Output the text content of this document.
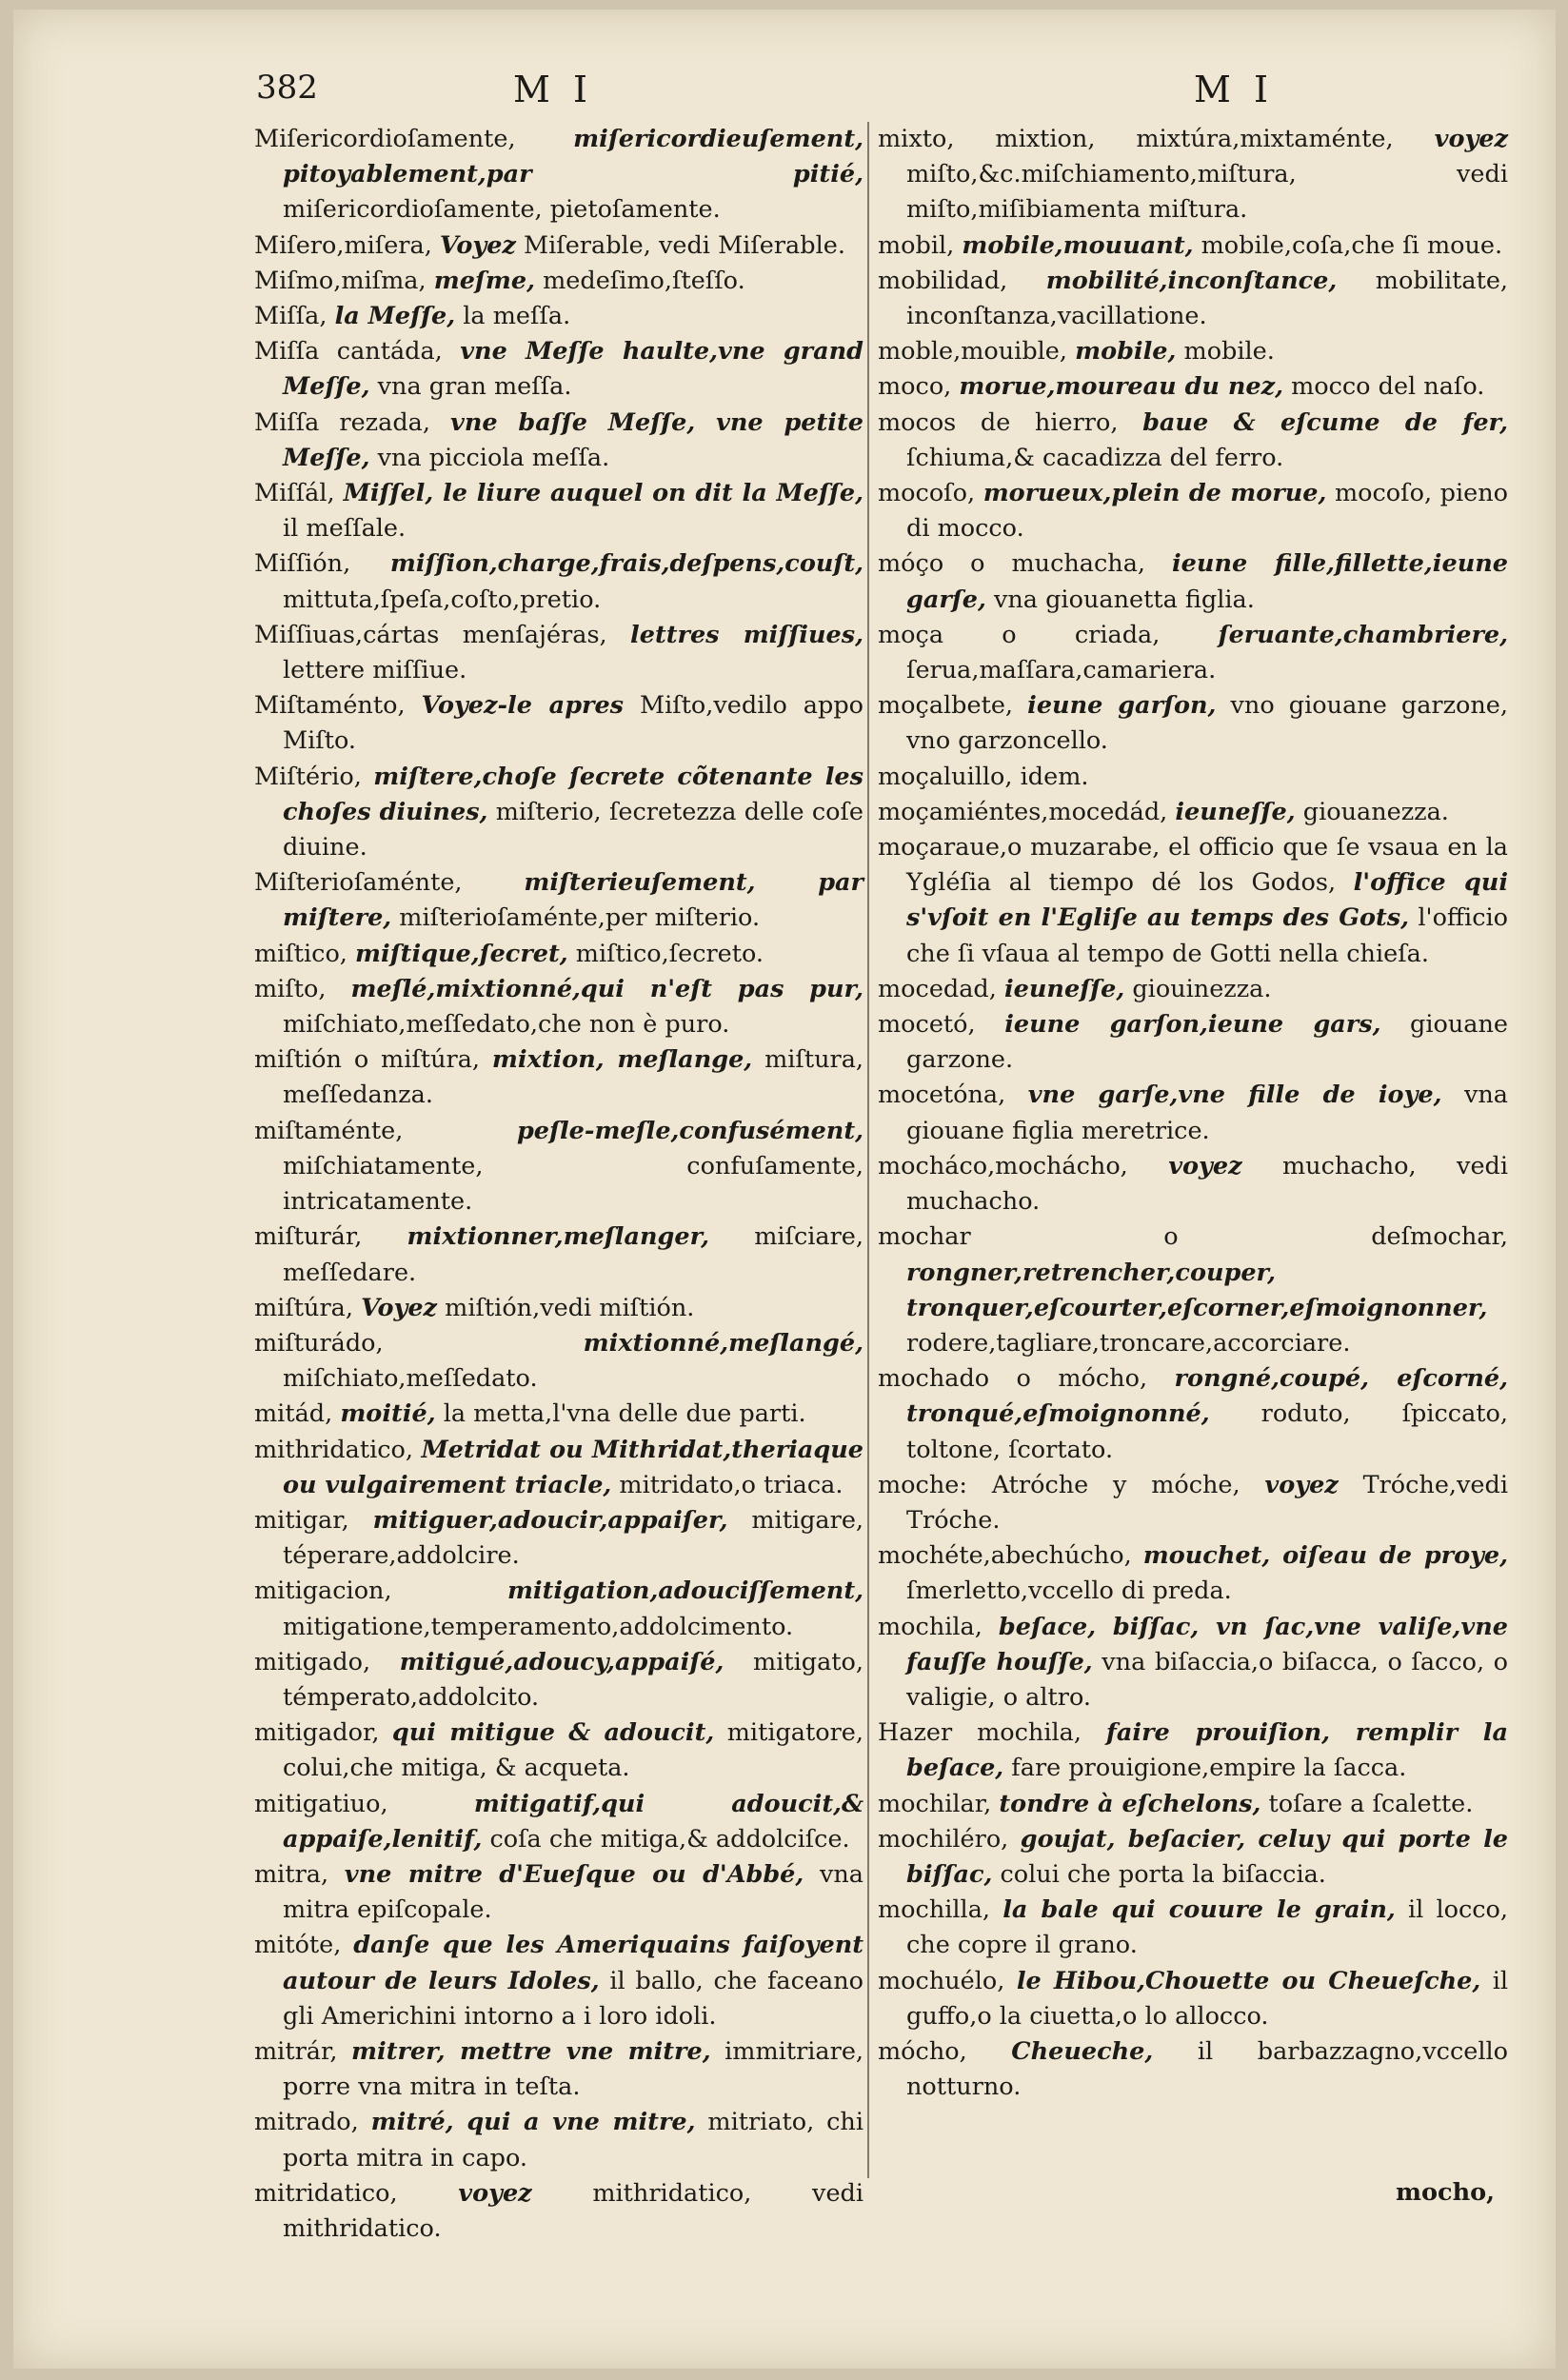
382	M I	M I

Miſericordioſamente, miſericordieuſement, pitoyablement,par pitié, miſericordioſamente, pietoſamente.

Miſero,miſera, Voyez Miſerable, vedi Miſerable.

Miſmo,miſma, meſme, medeſimo,ſteſſo.

Miſſa, la Meſſe, la meſſa.

Miſſa cantáda, vne Meſſe haulte,vne grand Meſſe, vna gran meſſa.

Miſſa rezada, vne baſſe Meſſe, vne petite Meſſe, vna picciola meſſa.

Miſſál, Miſſel, le liure auquel on dit la Meſſe, il meſſale.

Miſſión, miſſion,charge,frais,deſpens,couſt, mittuta,ſpeſa,coſto,pretio.

Miſſiuas,cártas menſajéras, lettres miſſiues, lettere miſſiue.

Miſtaménto, Voyez-le apres Miſto,vedilo appo Miſto.

Miſtério, miſtere,choſe ſecrete cõtenante les choſes diuines, miſterio, ſecretezza delle coſe diuine.

Miſterioſaménte,	miſterieuſement, par miſtere, miſterioſaménte,per miſterio.

miſtico, miſtique,ſecret, miſtico,ſecreto.

miſto, meſlé,mixtionné,qui n'eſt pas pur, miſchiato,meſſedato,che non è puro.

miſtión o miſtúra, mixtion, meſlange, miſtura, meſſedanza.

miſtaménte,	peſle-meſle,confusément, miſchiatamente, confuſamente, intricatamente.

miſturár, mixtionner,meſlanger, miſciare, meſſedare.

miſtúra, Voyez miſtión,vedi miſtión.

miſturádo,	mixtionné,meſlangé, miſchiato,meſſedato.

mitád, moitié, la metta,l'vna delle due parti.

mithridatico, Metridat ou Mithridat,theriaque ou vulgairement triacle, mitridato,o triaca.

mitigar, mitiguer,adoucir,appaiſer, mitigare, téperare,addolcire.

mitigacion,	mitigation,adouciſſement, mitigatione,temperamento,addolcimento.

mitigado, mitigué,adoucy,appaiſé, mitigato, témperato,addolcito.

mitigador, qui mitigue & adoucit, mitigatore, colui,che mitiga, & acqueta.

mitigatiuo,	mitigatif,qui adoucit,& appaiſe,lenitif, coſa che mitiga,& addolciſce.

mitra, vne mitre d'Eueſque ou d'Abbé, vna mitra epiſcopale.

mitóte, danſe que les Ameriquains faiſoyent autour de leurs Idoles, il ballo, che faceano gli Americhini intorno a i loro idoli.

mitrár, mitrer, mettre vne mitre, immitriare, porre vna mitra in teſta.

mitrado, mitré, qui a vne mitre, mitriato, chi porta mitra in capo.

mitridatico, voyez mithridatico, vedi mithridatico.

mixto, mixtion, mixtúra,mixtaménte, voyez miſto,&c.miſchiamento,miſtura, vedi miſto,miſibiamenta miſtura.

mobil, mobile,mouuant, mobile,coſa,che ſi moue.

mobilidad, mobilité,inconſtance, mobilitate, inconſtanza,vacillatione.

moble,mouible, mobile, mobile.

moco, morue,moureau du nez, mocco del naſo.

mocos de hierro, baue & eſcume de fer, ſchiuma,& cacadizza del ferro.

mocoſo, morueux,plein de morue, mocoſo, pieno di mocco.

móço o muchacha, ieune fille,fillette,ieune garſe, vna giouanetta figlia.

moça o criada, ſeruante,chambriere, ſerua,maſſara,camariera.

moçalbete, ieune garſon, vno giouane garzone, vno garzoncello.

moçaluillo, idem.

moçamiéntes,mocedád, ieuneſſe, giouanezza.

moçaraue,o muzarabe, el officio que ſe vsaua en la Ygléſia al tiempo dé los Godos, l'office qui s'vſoit en l'Egliſe au temps des Gots, l'officio che ſi vſaua al tempo de Gotti nella chieſa.

mocedad, ieuneſſe, giouinezza.

mocetó, ieune garſon,ieune gars, giouane garzone.

mocetóna, vne garſe,vne fille de ioye, vna giouane figlia meretrice.

mocháco,mochácho, voyez muchacho, vedi muchacho.

mochar o deſmochar, rongner,retrencher,couper, tronquer,eſcourter,eſcorner,eſmoignonner, rodere,tagliare,troncare,accorciare.

mochado o mócho, rongné,coupé, eſcorné, tronqué,eſmoignonné, roduto, ſpiccato, toltone, ſcortato.

moche: Atróche y móche, voyez Tróche,vedi Tróche.

mochéte,abechúcho, mouchet, oiſeau de proye, ſmerletto,vccello di preda.

mochila, beſace, biſſac, vn ſac,vne valiſe,vne fauſſe houſſe, vna biſaccia,o biſacca, o ſacco, o valigie, o altro.

Hazer mochila, faire prouiſion, remplir la beſace, fare prouigione,empire la ſacca.

mochilar, tondre à eſchelons, toſare a ſcalette.

mochiléro, goujat, beſacier, celuy qui porte le biſſac, colui che porta la biſaccia.

mochilla, la bale qui couure le grain, il locco, che copre il grano.

mochuélo, le Hibou,Chouette ou Cheueſche, il guffo,o la ciuetta,o lo allocco.

mócho, Cheueche, il barbazzagno,vccello notturno.

mocho,
